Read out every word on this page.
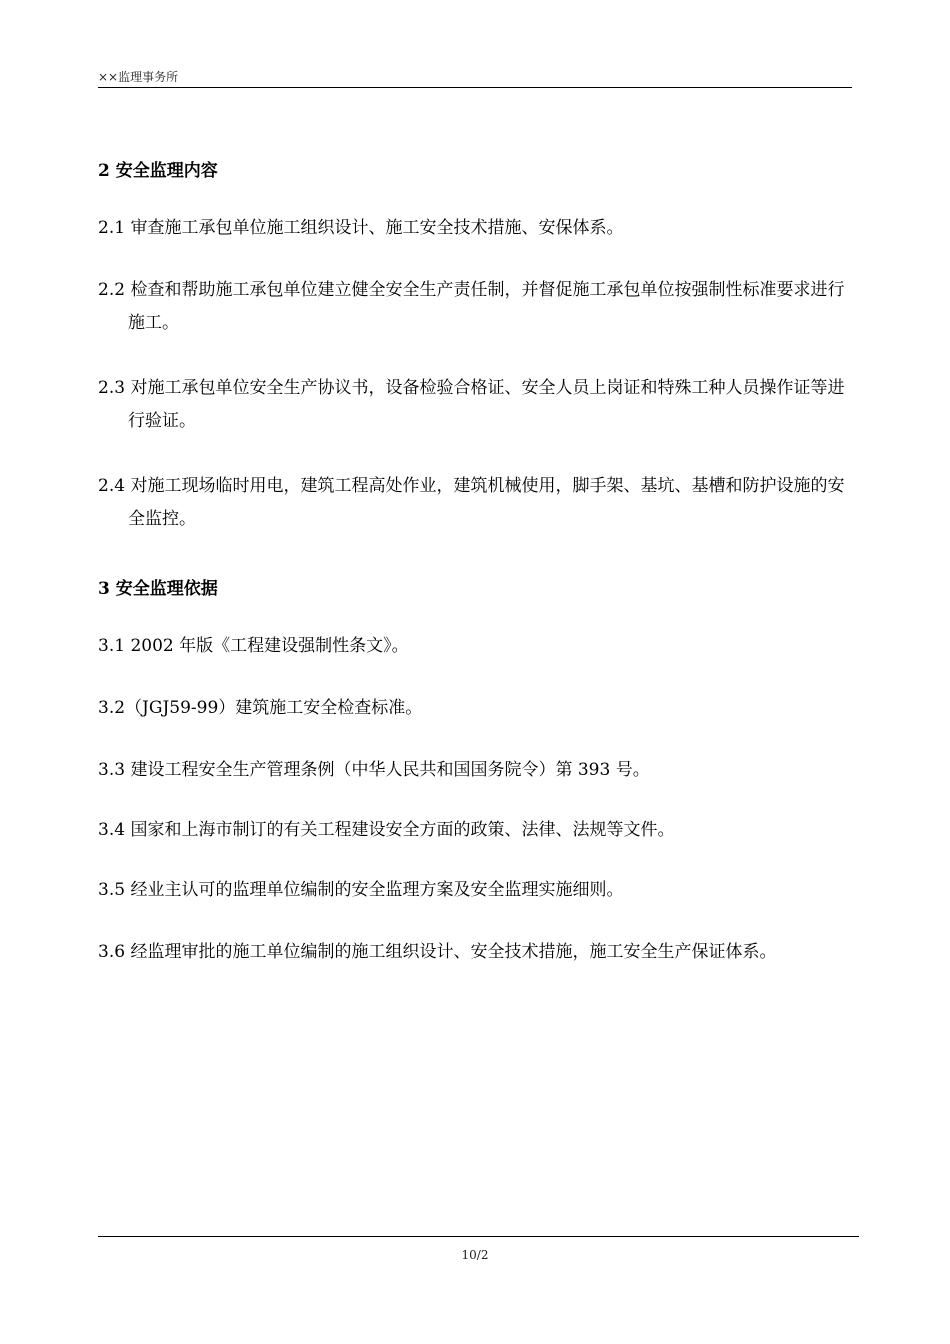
××监理事务所
2 安全监理内容
2.1 审查施工承包单位施工组织设计、施工安全技术措施、安保体系。
2.2 检查和帮助施工承包单位建立健全安全生产责任制，并督促施工承包单位按强制性标准要求进行施工。
2.3 对施工承包单位安全生产协议书，设备检验合格证、安全人员上岗证和特殊工种人员操作证等进行验证。
2.4 对施工现场临时用电，建筑工程高处作业，建筑机械使用，脚手架、基坑、基槽和防护设施的安全监控。
3 安全监理依据
3.1 2002 年版《工程建设强制性条文》。
3.2（JGJ59-99）建筑施工安全检查标准。
3.3 建设工程安全生产管理条例（中华人民共和国国务院令）第 393 号。
3.4 国家和上海市制订的有关工程建设安全方面的政策、法律、法规等文件。
3.5 经业主认可的监理单位编制的安全监理方案及安全监理实施细则。
3.6 经监理审批的施工单位编制的施工组织设计、安全技术措施，施工安全生产保证体系。
10/2
